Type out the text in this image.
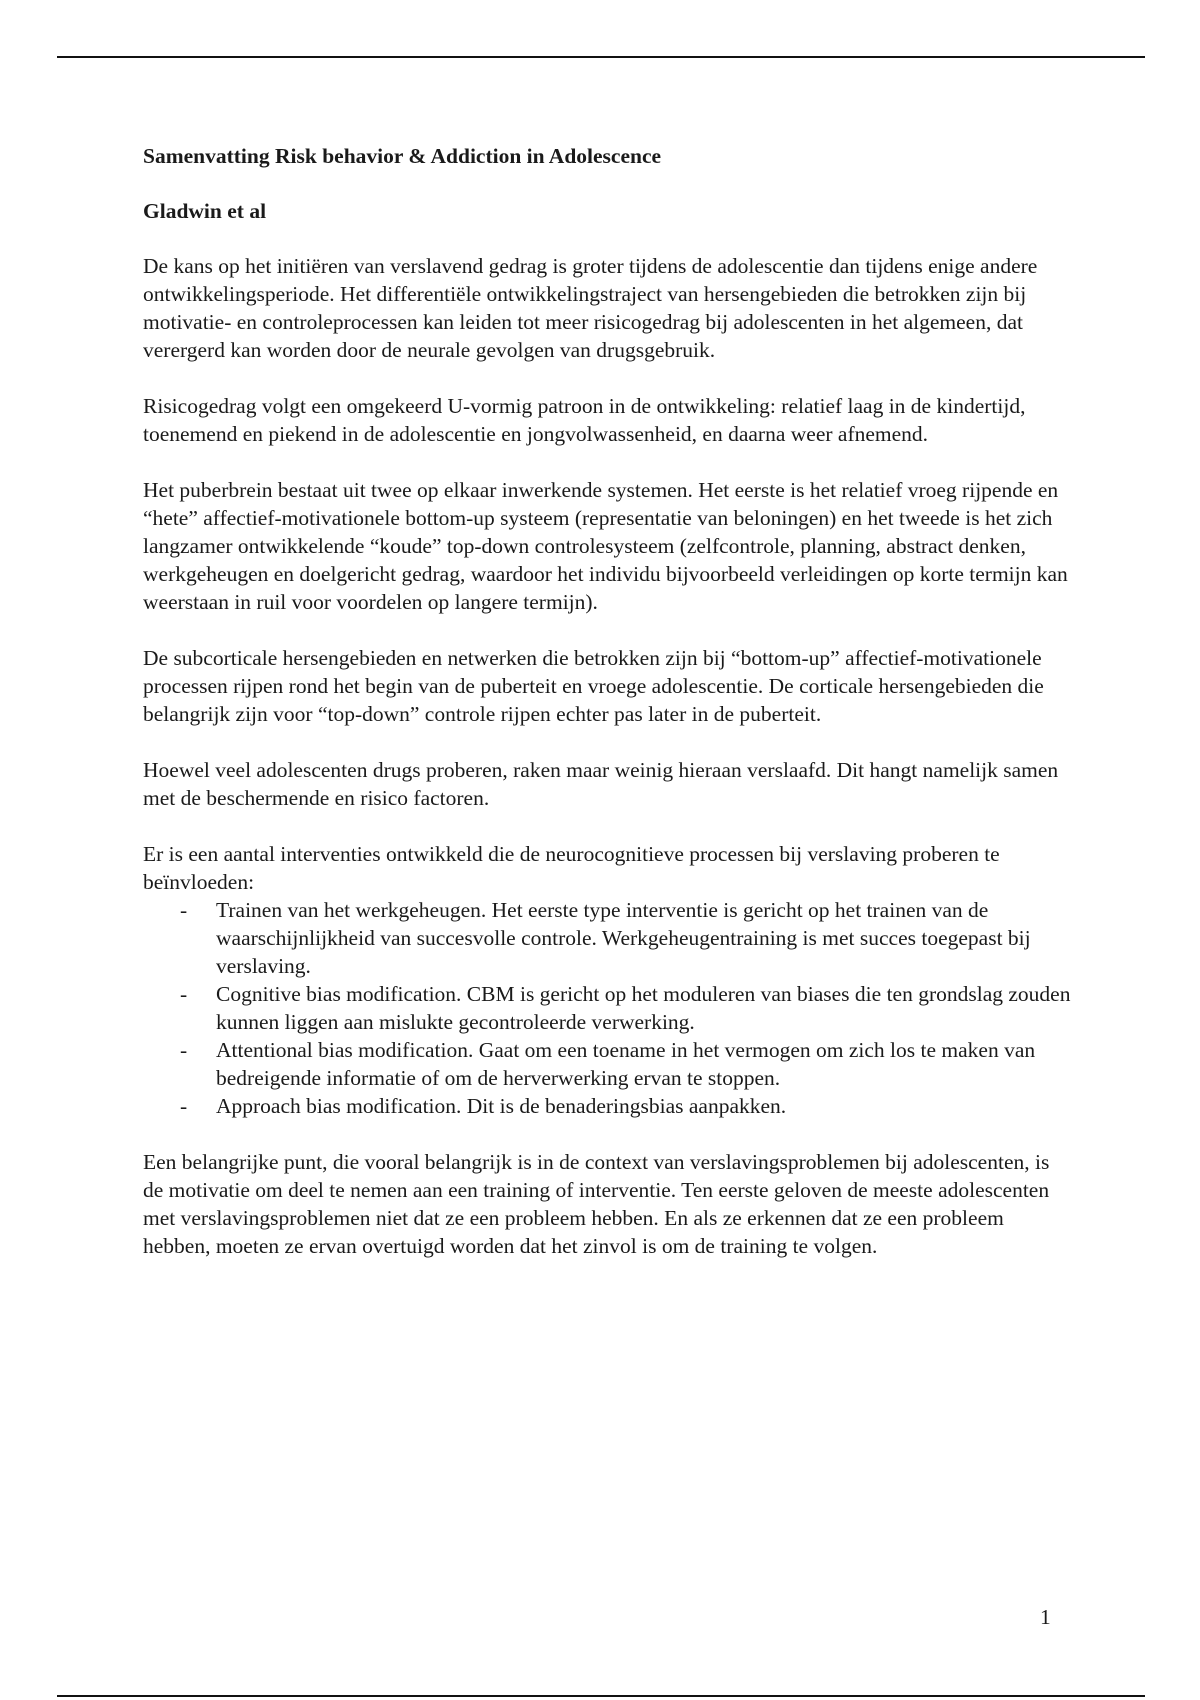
Samenvatting Risk behavior & Addiction in Adolescence
Gladwin et al

De kans op het initiëren van verslavend gedrag is groter tijdens de adolescentie dan tijdens enige andere ontwikkelingsperiode. Het differentiële ontwikkelingstraject van hersengebieden die betrokken zijn bij motivatie- en controleprocessen kan leiden tot meer risicogedrag bij adolescenten in het algemeen, dat verergerd kan worden door de neurale gevolgen van drugsgebruik.

Risicogedrag volgt een omgekeerd U-vormig patroon in de ontwikkeling: relatief laag in de kindertijd, toenemend en piekend in de adolescentie en jongvolwassenheid, en daarna weer afnemend.

Het puberbrein bestaat uit twee op elkaar inwerkende systemen. Het eerste is het relatief vroeg rijpende en “hete” affectief-motivationele bottom-up systeem (representatie van beloningen) en het tweede is het zich langzamer ontwikkelende “koude” top-down controlesysteem (zelfcontrole, planning, abstract denken, werkgeheugen en doelgericht gedrag, waardoor het individu bijvoorbeeld verleidingen op korte termijn kan weerstaan in ruil voor voordelen op langere termijn).

De subcorticale hersengebieden en netwerken die betrokken zijn bij “bottom-up” affectief-motivationele processen rijpen rond het begin van de puberteit en vroege adolescentie. De corticale hersengebieden die belangrijk zijn voor “top-down” controle rijpen echter pas later in de puberteit.

Hoewel veel adolescenten drugs proberen, raken maar weinig hieraan verslaafd. Dit hangt namelijk samen met de beschermende en risico factoren.

Er is een aantal interventies ontwikkeld die de neurocognitieve processen bij verslaving proberen te beïnvloeden:

- Trainen van het werkgeheugen. Het eerste type interventie is gericht op het trainen van de waarschijnlijkheid van succesvolle controle. Werkgeheugentraining is met succes toegepast bij verslaving.
- Cognitive bias modification. CBM is gericht op het moduleren van biases die ten grondslag zouden kunnen liggen aan mislukte gecontroleerde verwerking.
- Attentional bias modification. Gaat om een toename in het vermogen om zich los te maken van bedreigende informatie of om de herverwerking ervan te stoppen.
- Approach bias modification. Dit is de benaderingsbias aanpakken.

Een belangrijke punt, die vooral belangrijk is in de context van verslavingsproblemen bij adolescenten, is de motivatie om deel te nemen aan een training of interventie. Ten eerste geloven de meeste adolescenten met verslavingsproblemen niet dat ze een probleem hebben. En als ze erkennen dat ze een probleem hebben, moeten ze ervan overtuigd worden dat het zinvol is om de training te volgen.

1
